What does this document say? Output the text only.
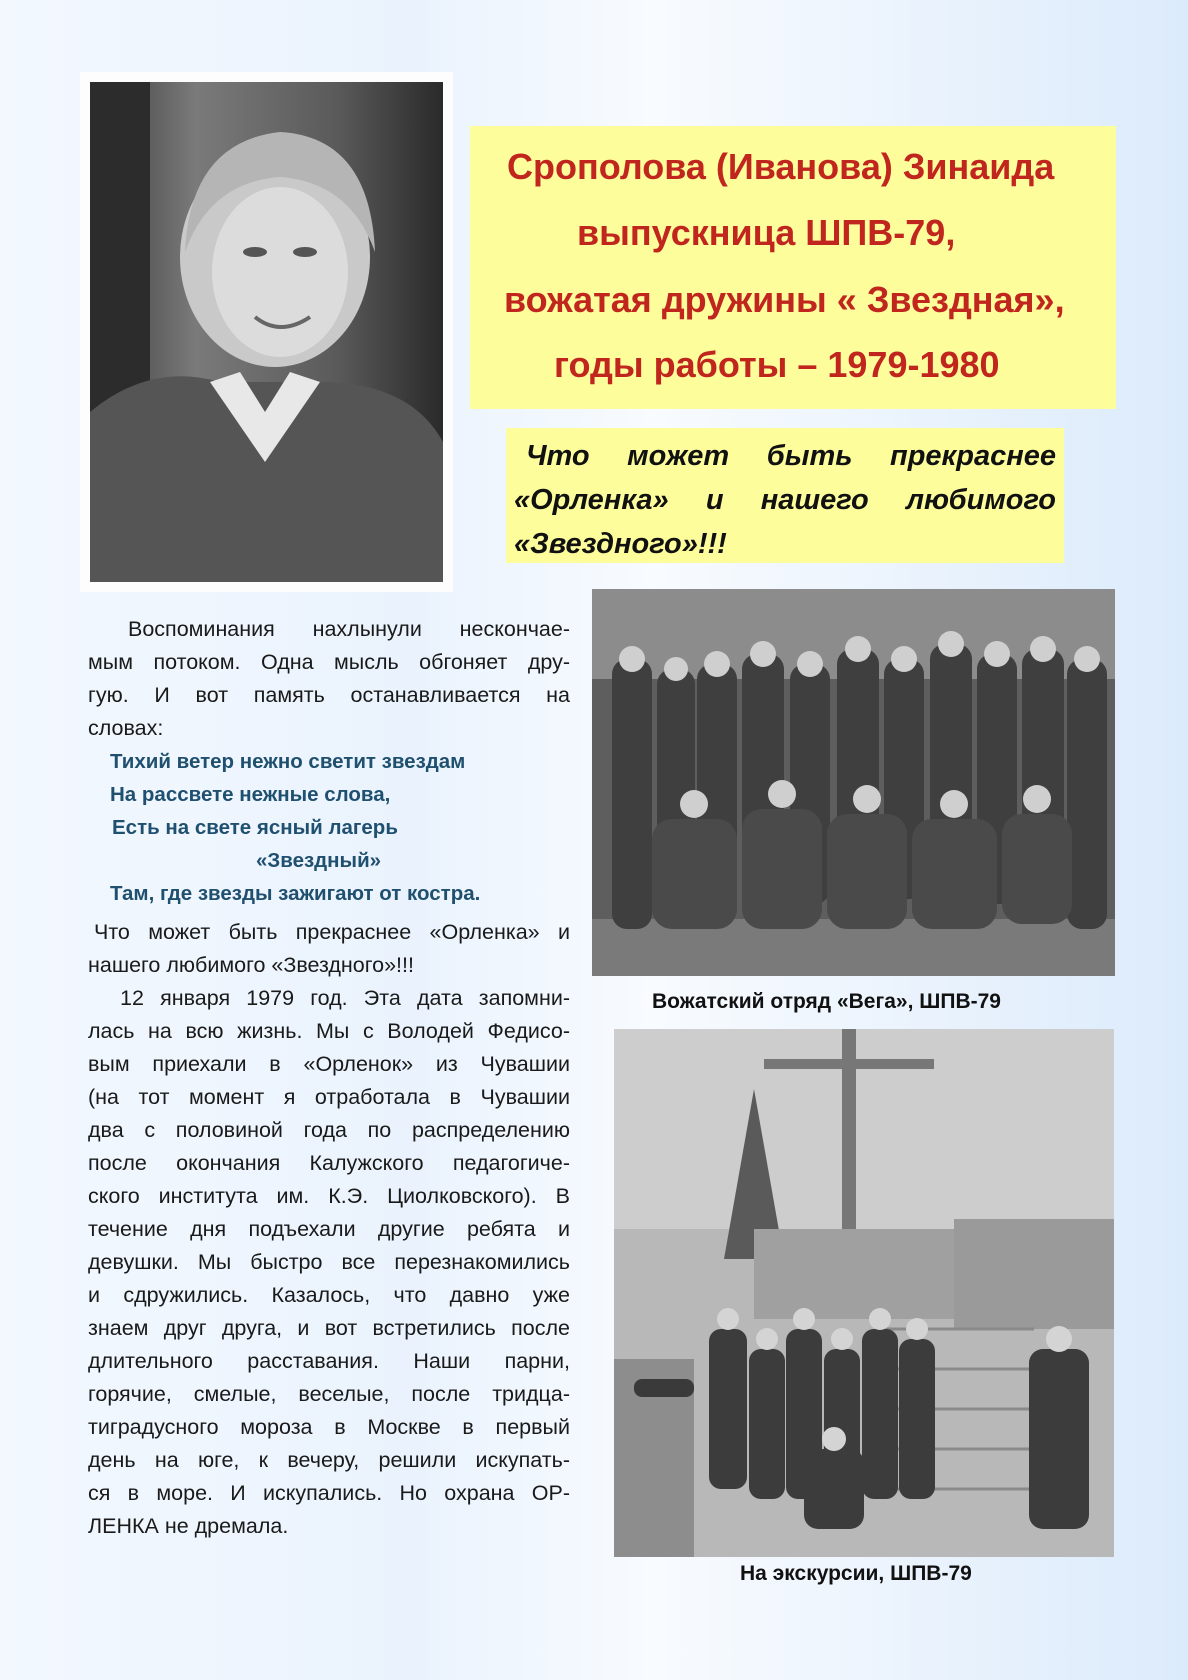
Срополова (Иванова) Зинаида
выпускница ШПВ-79,
вожатая дружины « Звездная»,
годы работы – 1979-1980
Что может быть прекраснее
«Орленка» и нашего любимого
«Звездного»!!!

Воспоминания нахлынули нескончае-

мым потоком. Одна мысль обгоняет дру-

гую. И вот память останавливается на

словах:

Тихий ветер нежно светит звездам

На рассвете нежные слова,

Есть на свете ясный лагерь

«Звездный»

Там, где звезды зажигают от костра.

Что может быть прекраснее «Орленка» и

нашего любимого «Звездного»!!!

12 января 1979 год. Эта дата запомни-

лась на всю жизнь. Мы с Володей Федисо-

вым приехали в «Орленок» из Чувашии

(на тот момент я отработала в Чувашии

два с половиной года по распределению

после окончания Калужского педагогиче-

ского института им. К.Э. Циолковского). В

течение дня подъехали другие ребята и

девушки. Мы быстро все перезнакомились

и сдружились. Казалось, что давно уже

знаем друг друга, и вот встретились после

длительного расставания. Наши парни,

горячие, смелые, веселые, после тридца-

тиградусного мороза в Москве в первый

день на юге, к вечеру, решили искупать-

ся в море. И искупались. Но охрана ОР-

ЛЕНКА не дремала.

Вожатский отряд «Вега», ШПВ-79
На экскурсии, ШПВ-79
